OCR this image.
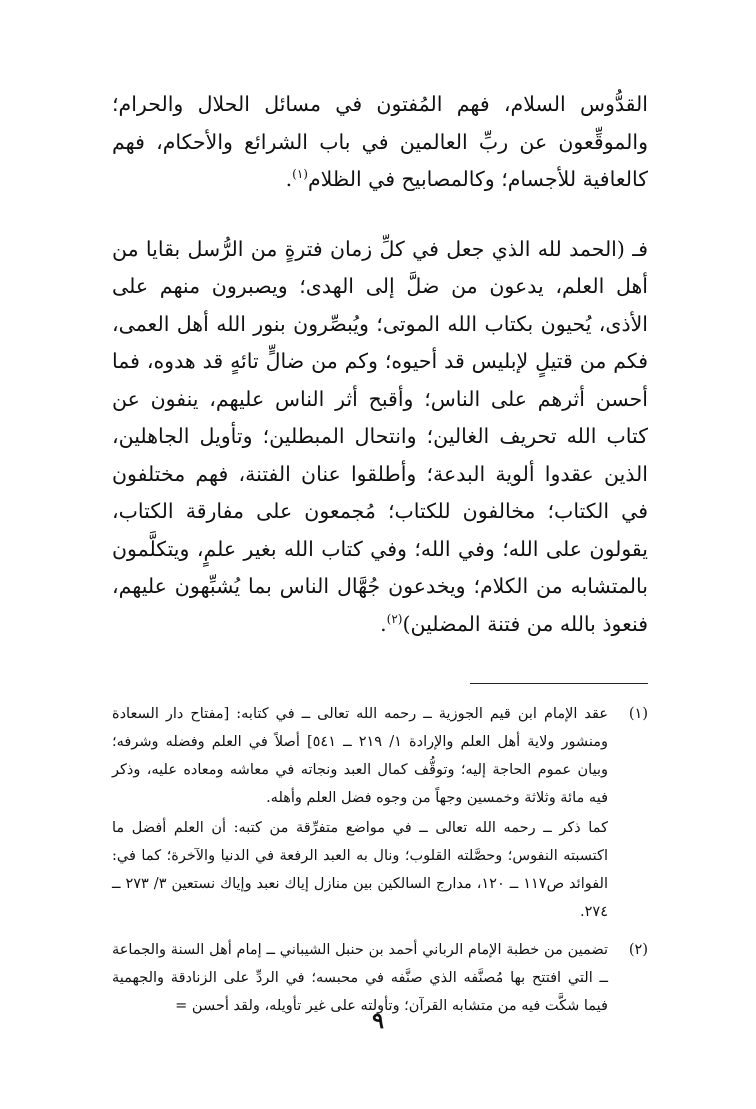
القدُّوس السلام، فهم المُفتون في مسائل الحلال والحرام؛ والموقِّعون عن ربِّ العالمين في باب الشرائع والأحكام، فهم كالعافية للأجسام؛ وكالمصابيح في الظلام$^{(١)}$.

فـ (الحمد لله الذي جعل في كلِّ زمان فترةٍ من الرُّسل بقايا من أهل العلم، يدعون من ضلَّ إلى الهدى؛ ويصبرون منهم على الأذى، يُحيون بكتاب الله الموتى؛ ويُبصِّرون بنور الله أهل العمى، فكم من قتيلٍ لإبليس قد أحيوه؛ وكم من ضالٍّ تائهٍ قد هدوه، فما أحسن أثرهم على الناس؛ وأقبح أثر الناس عليهم، ينفون عن كتاب الله تحريف الغالين؛ وانتحال المبطلين؛ وتأويل الجاهلين، الذين عقدوا ألوية البدعة؛ وأطلقوا عنان الفتنة، فهم مختلفون في الكتاب؛ مخالفون للكتاب؛ مُجمعون على مفارقة الكتاب، يقولون على الله؛ وفي الله؛ وفي كتاب الله بغير علمٍ، ويتكلَّمون بالمتشابه من الكلام؛ ويخدعون جُهَّال الناس بما يُشبِّهون عليهم، فنعوذ بالله من فتنة المضلين)$^{(٢)}$.

(١)

عقد الإمام ابن قيم الجوزية ــ رحمه الله تعالى ــ في كتابه: [مفتاح دار السعادة ومنشور ولاية أهل العلم والإرادة ١/ ٢١٩ ــ ٥٤١] أصلاً في العلم وفضله وشرفه؛ وبيان عموم الحاجة إليه؛ وتوقُّف كمال العبد ونجاته في معاشه ومعاده عليه، وذكر فيه مائة وثلاثة وخمسين وجهاً من وجوه فضل العلم وأهله.

كما ذكر ــ رحمه الله تعالى ــ في مواضع متفرِّقة من كتبه: أن العلم أفضل ما اكتسبته النفوس؛ وحصَّلته القلوب؛ ونال به العبد الرفعة في الدنيا والآخرة؛ كما في: الفوائد ص١١٧ ــ ١٢٠، مدارج السالكين بين منازل إياك نعبد وإياك نستعين ٣/ ٢٧٣ ــ ٢٧٤.

(٢)

تضمين من خطبة الإمام الرباني أحمد بن حنبل الشيباني ــ إمام أهل السنة والجماعة ــ التي افتتح بها مُصنَّفه الذي صنَّفه في محبسه؛ في الردِّ على الزنادقة والجهمية فيما شكَّت فيه من متشابه القرآن؛ وتأولته على غير تأويله، ولقد أحسن =

٩
